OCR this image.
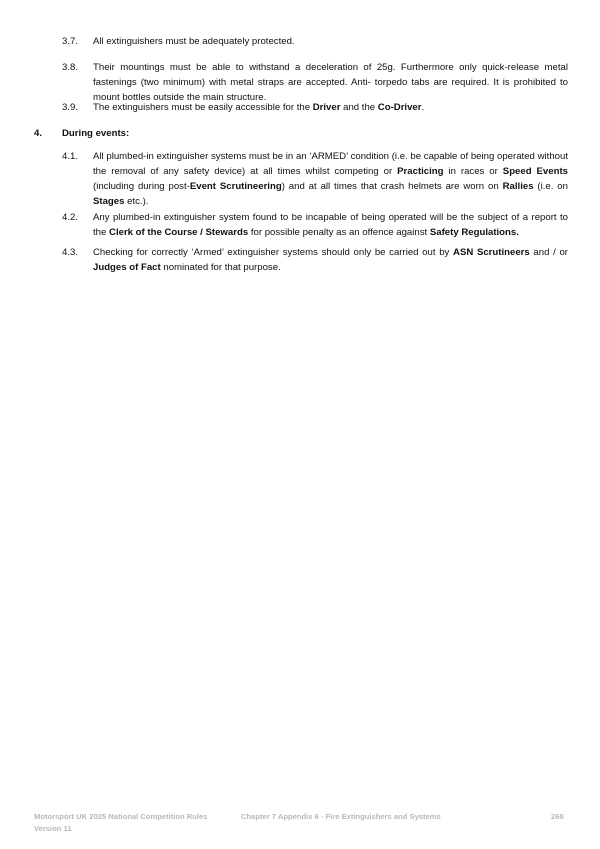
3.7. All extinguishers must be adequately protected.
3.8. Their mountings must be able to withstand a deceleration of 25g. Furthermore only quick-release metal fastenings (two minimum) with metal straps are accepted. Anti- torpedo tabs are required. It is prohibited to mount bottles outside the main structure.
3.9. The extinguishers must be easily accessible for the Driver and the Co-Driver.
4. During events:
4.1. All plumbed-in extinguisher systems must be in an ‘ARMED’ condition (i.e. be capable of being operated without the removal of any safety device) at all times whilst competing or Practicing in races or Speed Events (including during post-Event Scrutineering) and at all times that crash helmets are worn on Rallies (i.e. on Stages etc.).
4.2. Any plumbed-in extinguisher system found to be incapable of being operated will be the subject of a report to the Clerk of the Course / Stewards for possible penalty as an offence against Safety Regulations.
4.3. Checking for correctly ‘Armed’ extinguisher systems should only be carried out by ASN Scrutineers and / or Judges of Fact nominated for that purpose.
Motorsport UK 2025 National Competition Rules
Version 11
Chapter 7 Appendix 6 - Fire Extinguishers and Systems	268
